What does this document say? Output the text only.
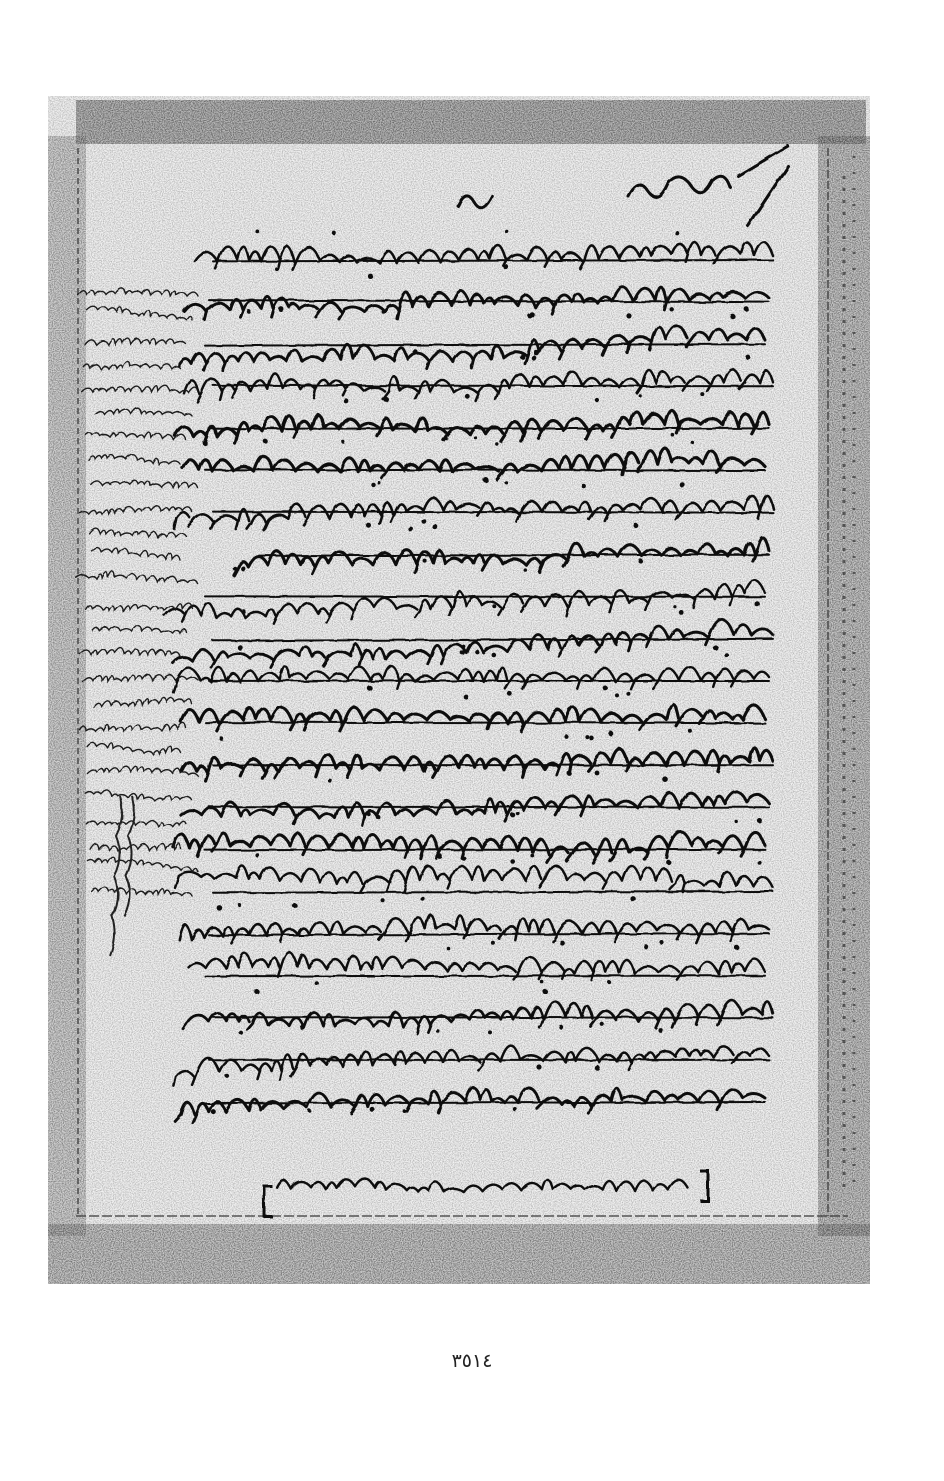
٣٥١٤
